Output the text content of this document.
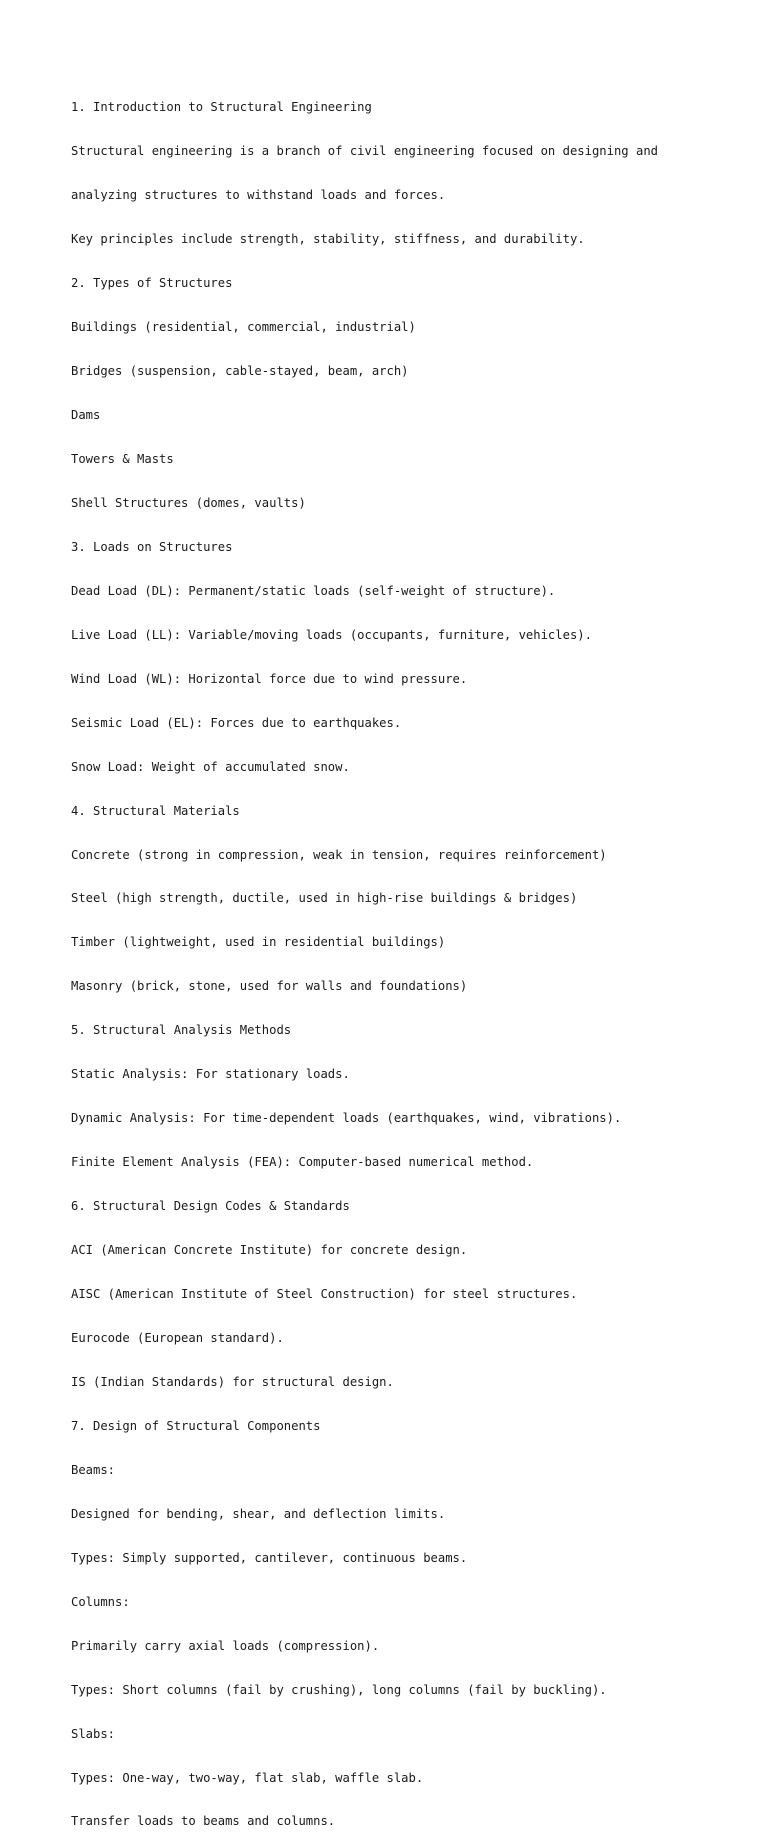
1. Introduction to Structural Engineering

Structural engineering is a branch of civil engineering focused on designing and

analyzing structures to withstand loads and forces.

Key principles include strength, stability, stiffness, and durability.

2. Types of Structures

Buildings (residential, commercial, industrial)

Bridges (suspension, cable-stayed, beam, arch)

Dams

Towers & Masts

Shell Structures (domes, vaults)

3. Loads on Structures

Dead Load (DL): Permanent/static loads (self-weight of structure).

Live Load (LL): Variable/moving loads (occupants, furniture, vehicles).

Wind Load (WL): Horizontal force due to wind pressure.

Seismic Load (EL): Forces due to earthquakes.

Snow Load: Weight of accumulated snow.

4. Structural Materials

Concrete (strong in compression, weak in tension, requires reinforcement)

Steel (high strength, ductile, used in high-rise buildings & bridges)

Timber (lightweight, used in residential buildings)

Masonry (brick, stone, used for walls and foundations)

5. Structural Analysis Methods

Static Analysis: For stationary loads.

Dynamic Analysis: For time-dependent loads (earthquakes, wind, vibrations).

Finite Element Analysis (FEA): Computer-based numerical method.

6. Structural Design Codes & Standards

ACI (American Concrete Institute) for concrete design.

AISC (American Institute of Steel Construction) for steel structures.

Eurocode (European standard).

IS (Indian Standards) for structural design.

7. Design of Structural Components

Beams:

Designed for bending, shear, and deflection limits.

Types: Simply supported, cantilever, continuous beams.

Columns:

Primarily carry axial loads (compression).

Types: Short columns (fail by crushing), long columns (fail by buckling).

Slabs:

Types: One-way, two-way, flat slab, waffle slab.

Transfer loads to beams and columns.
